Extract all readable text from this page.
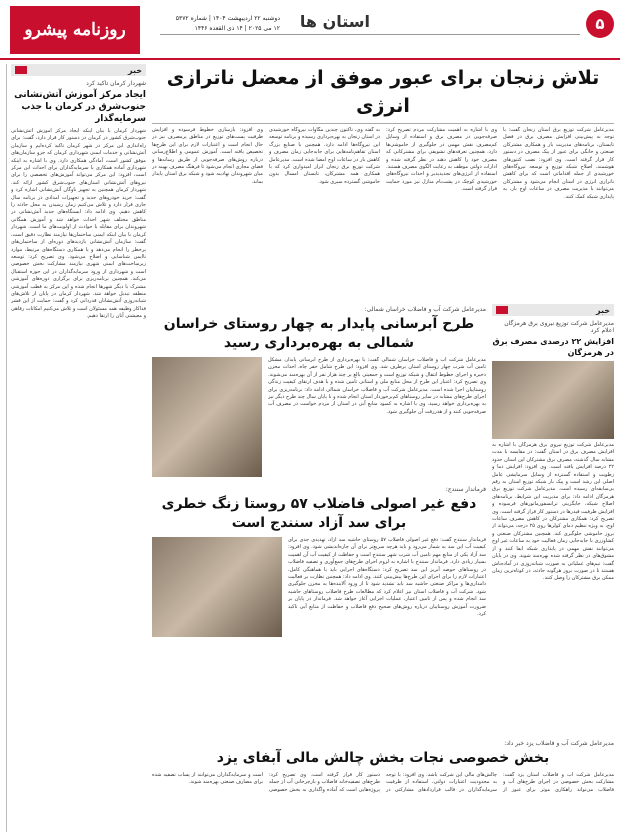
۵
استان ها
دوشنبه ۲۲ اردیبهشت ۱۴۰۴ | شماره ۵۳۷۲
۱۲ می ۲۰۲۵ | ۱۴ ذی القعده ۱۴۴۶
روزنامه پیشرو
خبر
شهردار کرمان تاکید کرد
ایجاد مرکز آموزش آتش‌نشانی جنوب‌شرق در کرمان با جذب سرمایه‌گذار
شهردار کرمان با بیان اینکه ایجاد مرکز آموزش آتش‌نشانی جنوب‌شرق کشور در کرمان در دستور کار قرار دارد، گفت: برای راه‌اندازی این مرکز در شهر کرمان تاکید کرده‌ایم و سازمان آتش‌نشانی و خدمات ایمنی شهرداری کرمان که جزو سازمان‌های موفق کشور است، آمادگی همکاری دارد. وی با اشاره به اینکه شهرداری آماده همکاری با سرمایه‌گذاران برای احداث این مرکز است، افزود: این مرکز می‌تواند آموزش‌های تخصصی را برای نیروهای آتش‌نشانی استان‌های جنوب‌شرق کشور ارائه کند. شهردار کرمان همچنین به تجهیز ناوگان آتش‌نشانی اشاره کرد و گفت: خرید خودروهای جدید و تجهیزات امدادی در برنامه سال جاری قرار دارد و تلاش می‌کنیم زمان رسیدن به محل حادثه را کاهش دهیم. وی ادامه داد: ایستگاه‌های جدید آتش‌نشانی در مناطق مختلف شهر احداث خواهد شد و آموزش همگانی شهروندان برای مقابله با حوادث از اولویت‌های ما است. شهردار کرمان با بیان اینکه ایمنی ساختمان‌ها نیازمند نظارت دقیق است، گفت: سازمان آتش‌نشانی بازدیدهای دوره‌ای از ساختمان‌های پرخطر را انجام می‌دهد و با همکاری دستگاه‌های مرتبط، موارد ناایمن شناسایی و اصلاح می‌شود. وی تصریح کرد: توسعه زیرساخت‌های ایمنی شهری نیازمند مشارکت بخش خصوصی است و شهرداری از ورود سرمایه‌گذاران در این حوزه استقبال می‌کند. همچنین برنامه‌ریزی برای برگزاری دوره‌های آموزشی مشترک با دیگر شهرها انجام شده و این مرکز به قطب آموزشی منطقه تبدیل خواهد شد. شهردار کرمان در پایان از تلاش‌های شبانه‌روزی آتش‌نشانان قدردانی کرد و گفت: حمایت از این قشر فداکار وظیفه همه مسئولان است و تلاش می‌کنیم امکانات رفاهی و معیشتی آنان را ارتقا دهیم.
تلاش زنجان برای عبور موفق از معضل ناترازی انرژی
مدیرعامل شرکت توزیع برق استان زنجان گفت: با توجه به پیش‌بینی افزایش مصرف برق در فصل تابستان، برنامه‌های مدیریت بار و همکاری مشترکان صنعتی و خانگی برای عبور از پیک مصرف در دستور کار قرار گرفته است. وی افزود: نصب کنتورهای هوشمند، اصلاح شبکه توزیع و توسعه نیروگاه‌های خورشیدی از جمله اقداماتی است که برای کاهش ناترازی انرژی در استان انجام می‌شود و مشترکان می‌توانند با مدیریت مصرف در ساعات اوج بار، به پایداری شبکه کمک کنند.
وی با اشاره به اهمیت مشارکت مردم تصریح کرد: صرفه‌جویی در مصرف برق و استفاده از وسایل کم‌مصرف نقش مهمی در جلوگیری از خاموشی‌ها دارد. همچنین تعرفه‌های تشویقی برای مشترکانی که مصرف خود را کاهش دهند در نظر گرفته شده و ادارات دولتی موظف به رعایت الگوی مصرف هستند. استفاده از انرژی‌های تجدیدپذیر و احداث نیروگاه‌های خورشیدی کوچک در پشت‌بام منازل نیز مورد حمایت قرار گرفته است.
به گفته وی، تاکنون چندین مگاوات نیروگاه خورشیدی در استان زنجان به بهره‌برداری رسیده و برنامه توسعه این نیروگاه‌ها ادامه دارد. همچنین با صنایع بزرگ استان تفاهم‌نامه‌هایی برای جابه‌جایی زمان مصرف و کاهش بار در ساعات اوج امضا شده است. مدیرعامل شرکت توزیع برق زنجان ابراز امیدواری کرد که با همکاری همه مشترکان، تابستان امسال بدون خاموشی گسترده سپری شود.
وی افزود: بازسازی خطوط فرسوده و افزایش ظرفیت پست‌های توزیع در مناطق پرمصرف نیز در حال انجام است و اعتبارات لازم برای این طرح‌ها تخصیص یافته است. آموزش عمومی و اطلاع‌رسانی درباره روش‌های صرفه‌جویی از طریق رسانه‌ها و فضای مجازی انجام می‌شود تا فرهنگ مصرف بهینه در میان شهروندان نهادینه شود و شبکه برق استان پایدار بماند.
خبر
مدیرعامل شرکت توزیع نیروی برق هرمزگان اعلام کرد
افزایش ۲۲ درصدی مصرف برق در هرمزگان
مدیرعامل شرکت توزیع نیروی برق هرمزگان با اشاره به افزایش مصرف برق در استان گفت: در مقایسه با مدت مشابه سال گذشته، مصرف برق مشترکان این استان حدود ۲۲ درصد افزایش یافته است. وی افزود: افزایش دما و رطوبت و استفاده گسترده از وسایل سرمایشی عامل اصلی این رشد است و پیک بار شبکه توزیع استان به رقم بی‌سابقه‌ای رسیده است. مدیرعامل شرکت توزیع برق هرمزگان ادامه داد: برای مدیریت این شرایط، برنامه‌های اصلاح شبکه، جایگزینی ترانسفورماتورهای فرسوده و افزایش ظرفیت فیدرها در دستور کار قرار گرفته است. وی تصریح کرد: همکاری مشترکان در کاهش مصرف ساعات اوج، به ویژه تنظیم دمای کولرها روی ۲۵ درجه، می‌تواند از بروز خاموشی جلوگیری کند. همچنین مشترکان صنعتی و کشاورزی با جابه‌جایی زمان فعالیت خود به ساعات غیر اوج می‌توانند نقش مهمی در پایداری شبکه ایفا کنند و از مشوق‌های در نظر گرفته شده بهره‌مند شوند. وی در پایان گفت: تیم‌های عملیاتی به صورت شبانه‌روزی در آماده‌باش هستند تا در صورت بروز هرگونه حادثه، در کوتاه‌ترین زمان ممکن برق مشترکان را وصل کنند.
مدیرعامل شرکت آب و فاضلاب خراسان شمالی:
طرح آبرسانی پایدار به چهار روستای خراسان شمالی به بهره‌برداری رسید
مدیرعامل شرکت آب و فاضلاب خراسان شمالی گفت: با بهره‌برداری از طرح آبرسانی پایدار، مشکل تامین آب شرب چهار روستای استان برطرف شد. وی افزود: این طرح شامل حفر چاه، احداث مخزن ذخیره و اجرای خطوط انتقال و شبکه توزیع است و جمعیتی بالغ بر چند هزار نفر از آن بهره‌مند می‌شوند. وی تصریح کرد: اعتبار این طرح از محل منابع ملی و استانی تامین شده و با هدف ارتقای کیفیت زندگی روستاییان اجرا شده است. مدیرعامل شرکت آب و فاضلاب خراسان شمالی ادامه داد: برنامه‌ریزی برای اجرای طرح‌های مشابه در سایر روستاهای کم‌برخوردار استان انجام شده و تا پایان سال چند طرح دیگر نیز به بهره‌برداری خواهد رسید. وی با اشاره به کمبود منابع آبی در استان از مردم خواست در مصرف آب صرفه‌جویی کنند و از هدررفت آن جلوگیری شود.
فرماندار سنندج:
دفع غیر اصولی فاضلاب ۵۷ روستا زنگ خطری برای سد آزاد سنندج است
فرماندار سنندج گفت: دفع غیر اصولی فاضلاب ۵۷ روستای حاشیه سد آزاد، تهدیدی جدی برای کیفیت آب این سد به شمار می‌رود و باید هرچه سریع‌تر برای آن چاره‌اندیشی شود. وی افزود: سد آزاد یکی از منابع مهم تامین آب شرب شهر سنندج است و حفاظت از کیفیت آب آن اهمیت بسیار زیادی دارد. فرماندار سنندج با اشاره به لزوم اجرای طرح‌های جمع‌آوری و تصفیه فاضلاب در روستاهای حوضه آبریز این سد تصریح کرد: دستگاه‌های اجرایی باید با هماهنگی کامل، اعتبارات لازم را برای اجرای این طرح‌ها پیش‌بینی کنند. وی ادامه داد: همچنین نظارت بر فعالیت دامداری‌ها و مراکز صنعتی حاشیه سد باید تشدید شود تا از ورود آلاینده‌ها به مخزن جلوگیری شود. شرکت آب و فاضلاب استان نیز اعلام کرد که مطالعات طرح فاضلاب روستاهای حاشیه سد انجام شده و پس از تامین اعتبار، عملیات اجرایی آغاز خواهد شد. فرماندار در پایان بر ضرورت آموزش روستاییان درباره روش‌های صحیح دفع فاضلاب و حفاظت از منابع آبی تاکید کرد.
مدیرعامل شرکت آب و فاضلاب یزد خبر داد:
بخش خصوصی نجات بخش چالش مالی آبفای یزد
مدیرعامل شرکت آب و فاضلاب استان یزد گفت: مشارکت بخش خصوصی در اجرای طرح‌های آب و فاضلاب می‌تواند راهکاری موثر برای عبور از چالش‌های مالی این شرکت باشد. وی افزود: با توجه به محدودیت اعتبارات دولتی، استفاده از ظرفیت سرمایه‌گذاران در قالب قراردادهای مشارکتی در دستور کار قرار گرفته است. وی تصریح کرد: طرح‌های تصفیه‌خانه فاضلاب و بازچرخانی آب از جمله پروژه‌هایی است که آماده واگذاری به بخش خصوصی است و سرمایه‌گذاران می‌توانند از پساب تصفیه شده برای مصارف صنعتی بهره‌مند شوند.
